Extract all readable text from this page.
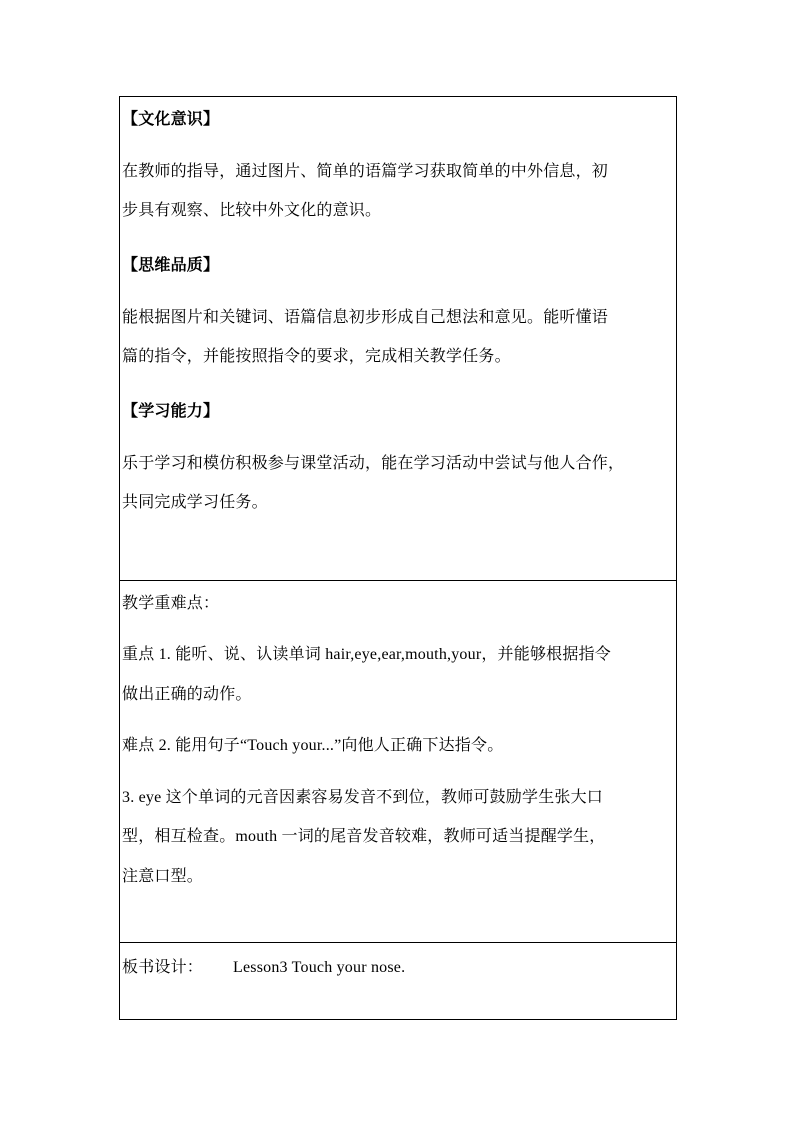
【文化意识】
在教师的指导，通过图片、简单的语篇学习获取简单的中外信息，初
步具有观察、比较中外文化的意识。
【思维品质】
能根据图片和关键词、语篇信息初步形成自己想法和意见。能听懂语
篇的指令，并能按照指令的要求，完成相关教学任务。
【学习能力】
乐于学习和模仿积极参与课堂活动，能在学习活动中尝试与他人合作，
共同完成学习任务。
教学重难点：
重点 1. 能听、说、认读单词 hair,eye,ear,mouth,your，并能够根据指令
做出正确的动作。
难点 2. 能用句子“Touch your...”向他人正确下达指令。
3. eye 这个单词的元音因素容易发音不到位，教师可鼓励学生张大口
型，相互检查。mouth 一词的尾音发音较难，教师可适当提醒学生，
注意口型。
板书设计： Lesson3 Touch your nose.
